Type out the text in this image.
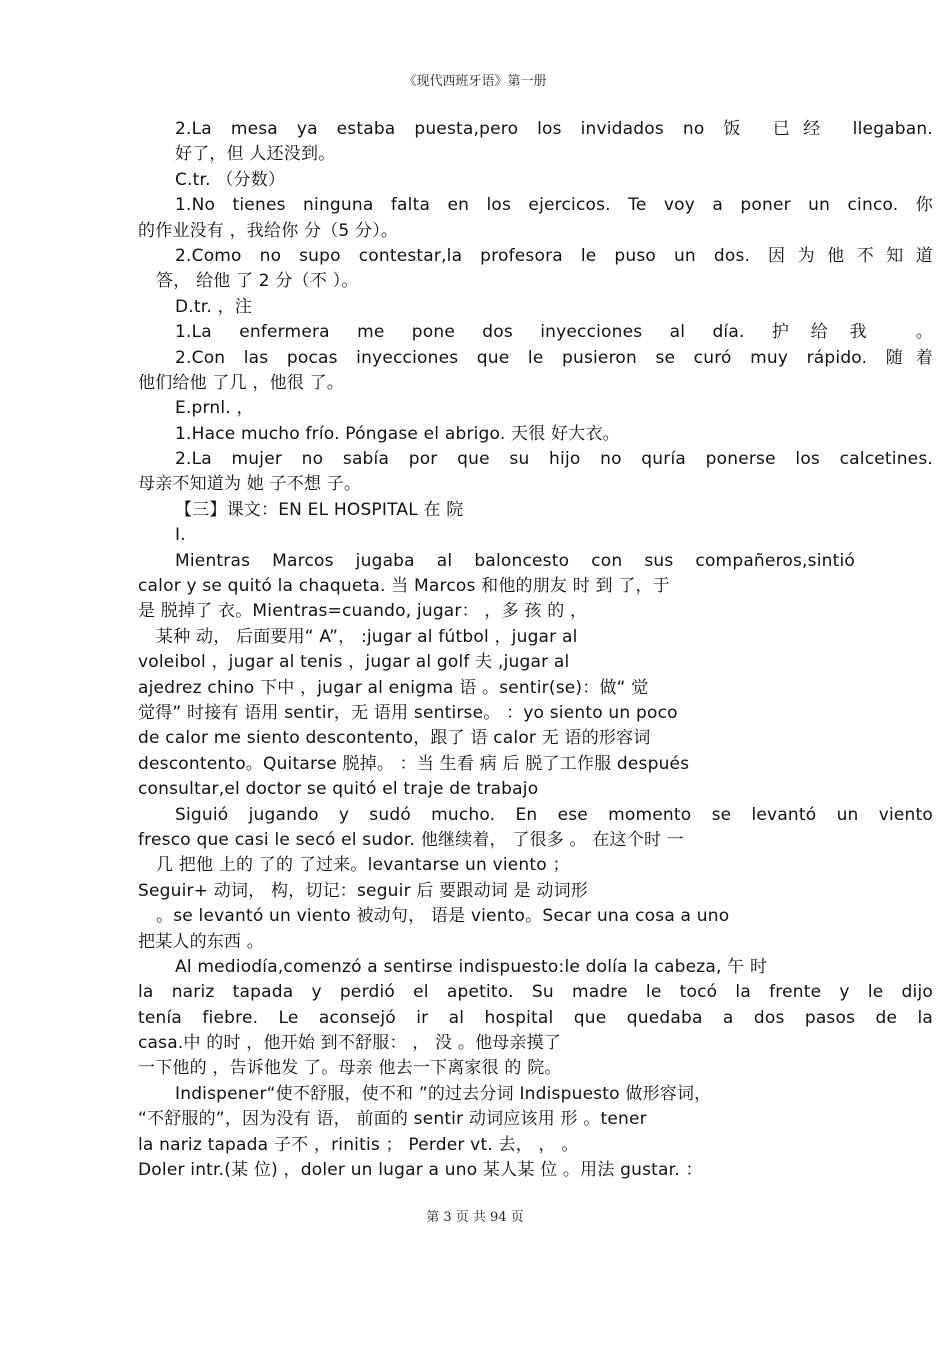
《现代西班牙语》第一册
2.La mesa ya estaba puesta,pero los invidados no 饭 已经 llegaban.
好了，但 人还没到。
C.tr. （分数）
1.No tienes ninguna falta en los ejercicos. Te voy a poner un cinco. 你
的作业没有 ，我给你 分（5 分）。
2.Como no supo contestar,la profesora le puso un dos. 因为他不知道
答， 给他 了 2 分（不 ）。
D.tr. ，注
1.La enfermera me pone dos inyecciones al día. 护给我 。
2.Con las pocas inyecciones que le pusieron se curó muy rápido. 随着
他们给他 了几 ，他很 了。
E.prnl. ，
1.Hace mucho frío. Póngase el abrigo. 天很 好大衣。
2.La mujer no sabía por que su hijo no quría ponerse los calcetines.
母亲不知道为 她 子不想 子。
【三】课文：EN EL HOSPITAL 在 院
I.
Mientras Marcos jugaba al baloncesto con sus compañeros,sintió
calor y se quitó la chaqueta. 当 Marcos 和他的朋友 时 到 了，于
是 脱掉了 衣。Mientras=cuando, jugar： ，多 孩 的 ，
某种 动， 后面要用“ A”， :jugar al fútbol ，jugar al
voleibol ，jugar al tenis ，jugar al golf 夫 ,jugar al
ajedrez chino 下中 ，jugar al enigma 语 。sentir(se)：做“ 觉
觉得” 时接有 语用 sentir，无 语用 sentirse。 ：yo siento un poco
de calor me siento descontento，跟了 语 calor 无 语的形容词
descontento。Quitarse 脱掉。 ：当 生看 病 后 脱了工作服 después
consultar,el doctor se quitó el traje de trabajo
Siguió jugando y sudó mucho. En ese momento se levantó un viento
fresco que casi le secó el sudor. 他继续着， 了很多 。 在这个时 一
几 把他 上的 了的 了过来。levantarse un viento ；
Seguir+ 动词， 构，切记：seguir 后 要跟动词 是 动词形
。se levantó un viento 被动句， 语是 viento。Secar una cosa a uno
把某人的东西 。
Al mediodía,comenzó a sentirse indispuesto:le dolía la cabeza, 午 时
la nariz tapada y perdió el apetito. Su madre le tocó la frente y le dijo
tenía fiebre. Le aconsejó ir al hospital que quedaba a dos pasos de la
casa.中 的时 ，他开始 到不舒服： ， 没 。他母亲摸了
一下他的 ，告诉他发 了。母亲 他去一下离家很 的 院。
Indispener“使不舒服，使不和 ”的过去分词 Indispuesto 做形容词，
“不舒服的”，因为没有 语， 前面的 sentir 动词应该用 形 。tener
la nariz tapada 子不 ，rinitis ； Perder vt. 去， ， 。
Doler intr.(某 位) ，doler un lugar a uno 某人某 位 。用法 gustar. ：
第 3 页 共 94 页
